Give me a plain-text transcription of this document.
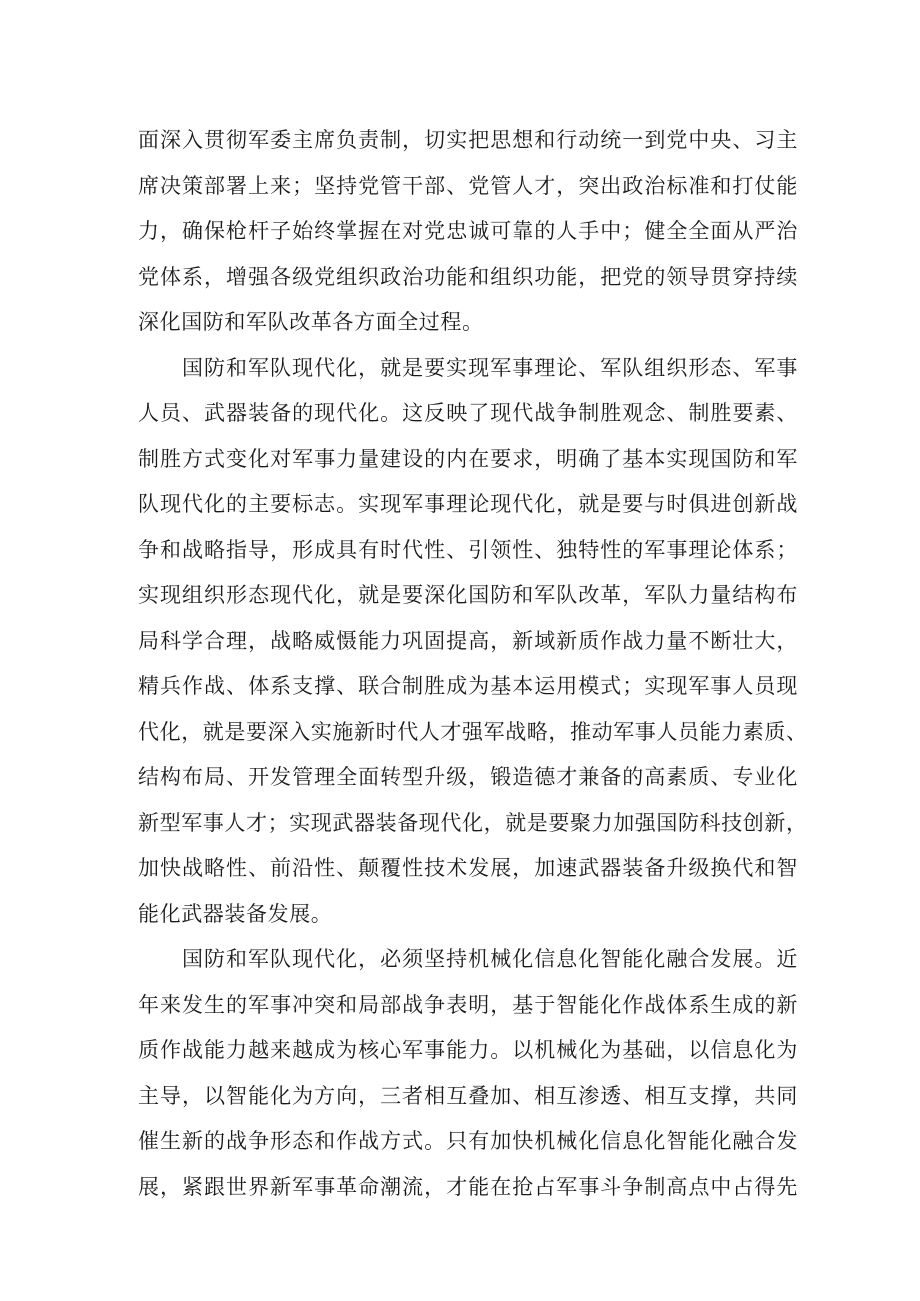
面深入贯彻军委主席负责制，切实把思想和行动统一到党中央、习主
席决策部署上来；坚持党管干部、党管人才，突出政治标准和打仗能
力，确保枪杆子始终掌握在对党忠诚可靠的人手中；健全全面从严治
党体系，增强各级党组织政治功能和组织功能，把党的领导贯穿持续
深化国防和军队改革各方面全过程。
国防和军队现代化，就是要实现军事理论、军队组织形态、军事
人员、武器装备的现代化。这反映了现代战争制胜观念、制胜要素、
制胜方式变化对军事力量建设的内在要求，明确了基本实现国防和军
队现代化的主要标志。实现军事理论现代化，就是要与时俱进创新战
争和战略指导，形成具有时代性、引领性、独特性的军事理论体系；
实现组织形态现代化，就是要深化国防和军队改革，军队力量结构布
局科学合理，战略威慑能力巩固提高，新域新质作战力量不断壮大，
精兵作战、体系支撑、联合制胜成为基本运用模式；实现军事人员现
代化，就是要深入实施新时代人才强军战略，推动军事人员能力素质、
结构布局、开发管理全面转型升级，锻造德才兼备的高素质、专业化
新型军事人才；实现武器装备现代化，就是要聚力加强国防科技创新，
加快战略性、前沿性、颠覆性技术发展，加速武器装备升级换代和智
能化武器装备发展。
国防和军队现代化，必须坚持机械化信息化智能化融合发展。近
年来发生的军事冲突和局部战争表明，基于智能化作战体系生成的新
质作战能力越来越成为核心军事能力。以机械化为基础，以信息化为
主导，以智能化为方向，三者相互叠加、相互渗透、相互支撑，共同
催生新的战争形态和作战方式。只有加快机械化信息化智能化融合发
展，紧跟世界新军事革命潮流，才能在抢占军事斗争制高点中占得先
